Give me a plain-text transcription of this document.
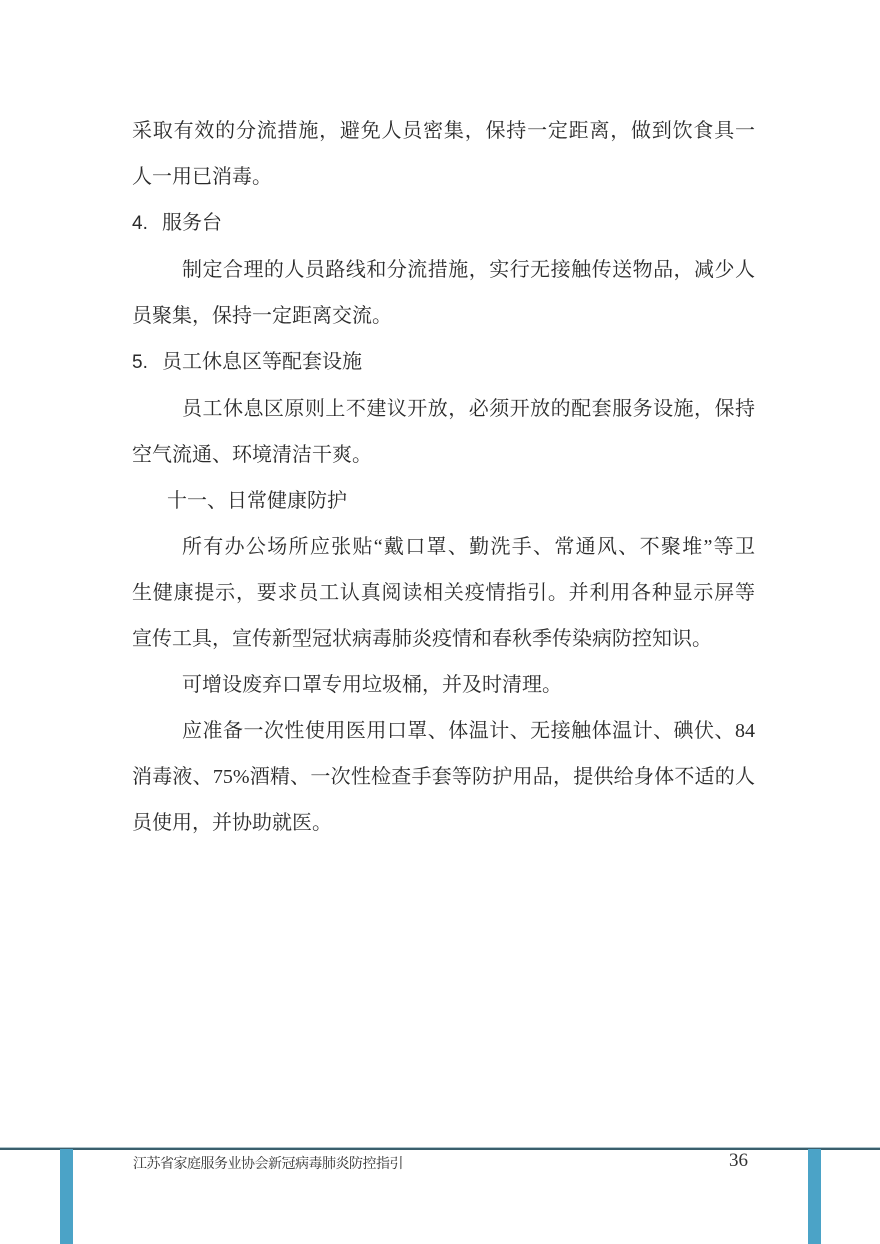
采取有效的分流措施，避免人员密集，保持一定距离，做到饮食具一

人一用已消毒。

4. 服务台

制定合理的人员路线和分流措施，实行无接触传送物品，减少人

员聚集，保持一定距离交流。

5. 员工休息区等配套设施

员工休息区原则上不建议开放，必须开放的配套服务设施，保持

空气流通、环境清洁干爽。

十一、日常健康防护

所有办公场所应张贴“戴口罩、勤洗手、常通风、不聚堆”等卫

生健康提示，要求员工认真阅读相关疫情指引。并利用各种显示屏等

宣传工具，宣传新型冠状病毒肺炎疫情和春秋季传染病防控知识。

可增设废弃口罩专用垃圾桶，并及时清理。

应准备一次性使用医用口罩、体温计、无接触体温计、碘伏、84

消毒液、75%酒精、一次性检查手套等防护用品，提供给身体不适的人

员使用，并协助就医。

江苏省家庭服务业协会新冠病毒肺炎防控指引	36
